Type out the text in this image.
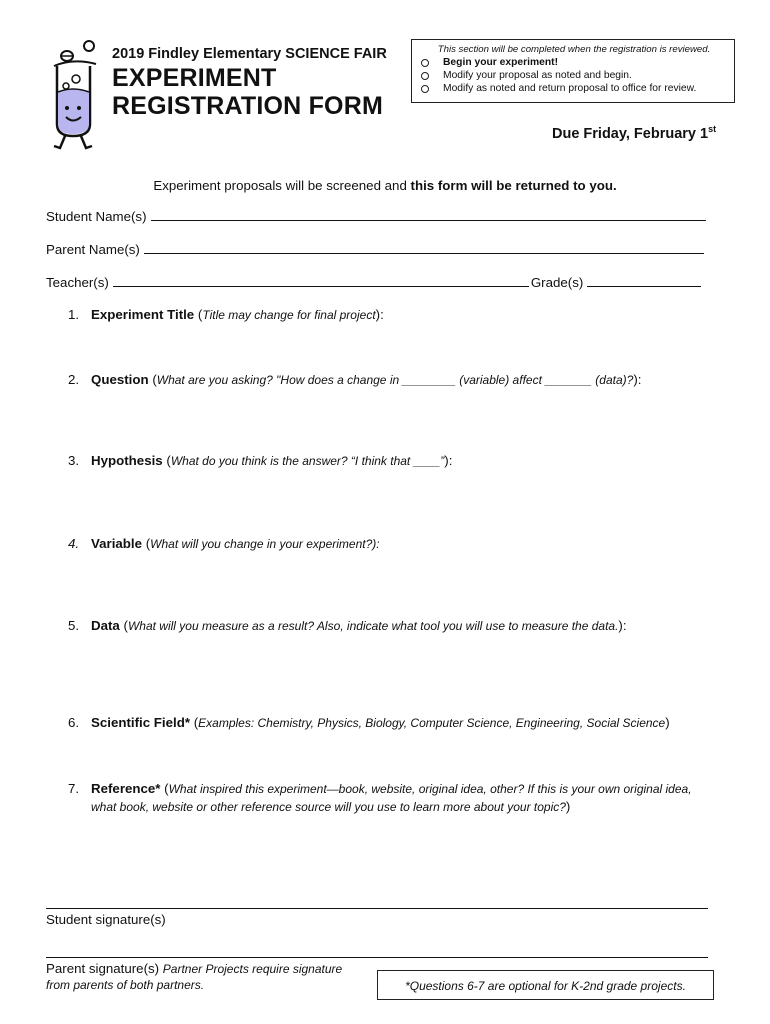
2019 Findley Elementary SCIENCE FAIR
EXPERIMENT
REGISTRATION FORM
This section will be completed when the registration is reviewed.
Begin your experiment!
Modify your proposal as noted and begin.
Modify as noted and return proposal to office for review.
Due Friday, February 1st
Experiment proposals will be screened and this form will be returned to you.
Student Name(s)
Parent Name(s)
Teacher(s)	Grade(s)
1. Experiment Title (Title may change for final project):
2. Question (What are you asking? "How does a change in ________ (variable) affect _______ (data)?):
3. Hypothesis (What do you think is the answer? “I think that ____”):
4. Variable (What will you change in your experiment?):
5. Data (What will you measure as a result? Also, indicate what tool you will use to measure the data.):
6. Scientific Field* (Examples: Chemistry, Physics, Biology, Computer Science, Engineering, Social Science)
7. Reference* (What inspired this experiment—book, website, original idea, other? If this is your own original idea,
what book, website or other reference source will you use to learn more about your topic?)
Student signature(s)
Parent signature(s) Partner Projects require signature
from parents of both partners.	*Questions 6-7 are optional for K-2nd grade projects.
